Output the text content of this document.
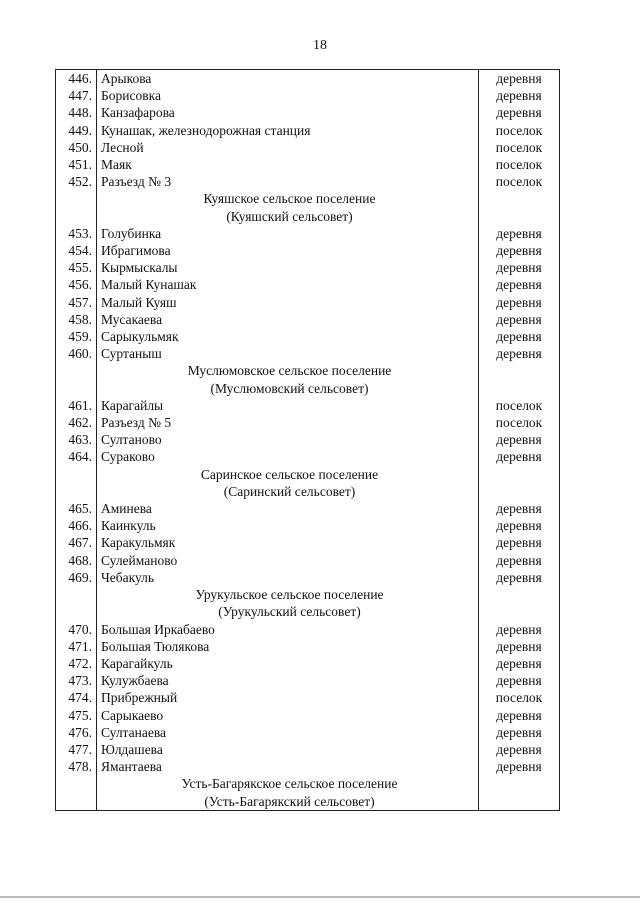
18
446.	Арыкова	деревня
447.	Борисовка	деревня
448.	Канзафарова	деревня
449.	Кунашак, железнодорожная станция	поселок
450.	Лесной	поселок
451.	Маяк	поселок
452.	Разъезд № 3	поселок
	Куяшское сельское поселение	
	(Куяшский сельсовет)	
453.	Голубинка	деревня
454.	Ибрагимова	деревня
455.	Кырмыскалы	деревня
456.	Малый Кунашак	деревня
457.	Малый Куяш	деревня
458.	Мусакаева	деревня
459.	Сарыкульмяк	деревня
460.	Суртаныш	деревня
	Муслюмовское сельское поселение	
	(Муслюмовский сельсовет)	
461.	Карагайлы	поселок
462.	Разъезд № 5	поселок
463.	Султаново	деревня
464.	Сураково	деревня
	Саринское сельское поселение	
	(Саринский сельсовет)	
465.	Аминева	деревня
466.	Каинкуль	деревня
467.	Каракульмяк	деревня
468.	Сулейманово	деревня
469.	Чебакуль	деревня
	Урукульское сельское поселение	
	(Урукульский сельсовет)	
470.	Большая Иркабаево	деревня
471.	Большая Тюлякова	деревня
472.	Карагайкуль	деревня
473.	Кулужбаева	деревня
474.	Прибрежный	поселок
475.	Сарыкаево	деревня
476.	Султанаева	деревня
477.	Юлдашева	деревня
478.	Ямантаева	деревня
	Усть-Багарякское сельское поселение	
	(Усть-Багарякский сельсовет)	
